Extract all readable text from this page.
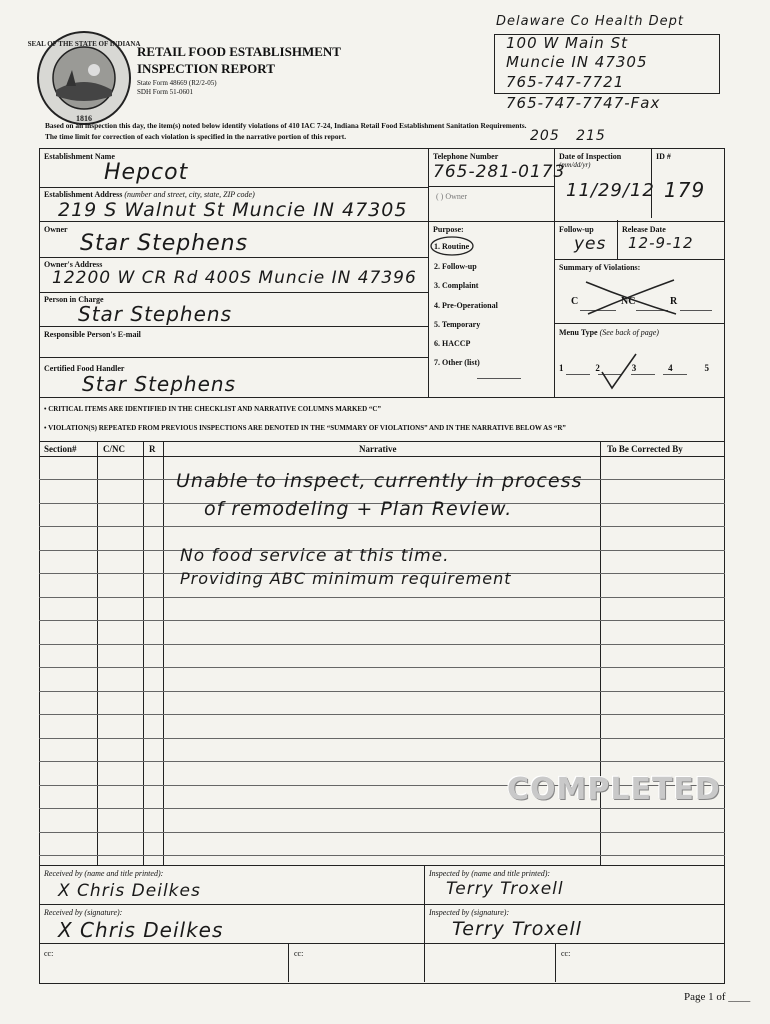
SEAL OF THE STATE OF INDIANA
1816
RETAIL FOOD ESTABLISHMENT
INSPECTION REPORT
State Form 48669 (R2/2-05)
SDH Form 51-0601
Delaware Co Health Dept
100 W Main St
Muncie IN 47305
765-747-7721
765-747-7747-Fax
Based on an inspection this day, the item(s) noted below identify violations of 410 IAC 7-24, Indiana Retail Food Establishment Sanitation Requirements.
The time limit for correction of each violation is specified in the narrative portion of this report.	205   215
Establishment Name
Hepcot
Telephone Number
765-281-0173
( ) Owner
Date of Inspection
(mm/dd/yr)
11/29/12
ID #
179
Establishment Address (number and street, city, state, ZIP code)
219 S Walnut St Muncie IN 47305
Owner
Star Stephens
Purpose:
1. Routine
2. Follow-up
3. Complaint
4. Pre-Operational
5. Temporary
6. HACCP
7. Other (list)
Follow-up
yes
Release Date
12-9-12
Summary of Violations:
C	NC	R
Owner's Address
12200 W CR Rd 400S Muncie IN 47396
Person in Charge
Star Stephens
Responsible Person's E-mail	Menu Type (See back of page)
1	2	3	4	5
Certified Food Handler
Star Stephens
• CRITICAL ITEMS ARE IDENTIFIED IN THE CHECKLIST AND NARRATIVE COLUMNS MARKED “C”
• VIOLATION(S) REPEATED FROM PREVIOUS INSPECTIONS ARE DENOTED IN THE “SUMMARY OF VIOLATIONS” AND IN THE NARRATIVE BELOW AS “R”
Section#	C/NC	R	Narrative	To Be Corrected By
Unable to inspect, currently in process
of remodeling + Plan Review.
No food service at this time.
Providing ABC minimum requirement
COMPLETED
Received by (name and title printed):
X Chris Deilkes
Received by (signature):
X Chris Deilkes
Inspected by (name and title printed):
Terry Troxell
Inspected by (signature):
Terry Troxell
cc:	cc:	cc:
Page 1 of ____
